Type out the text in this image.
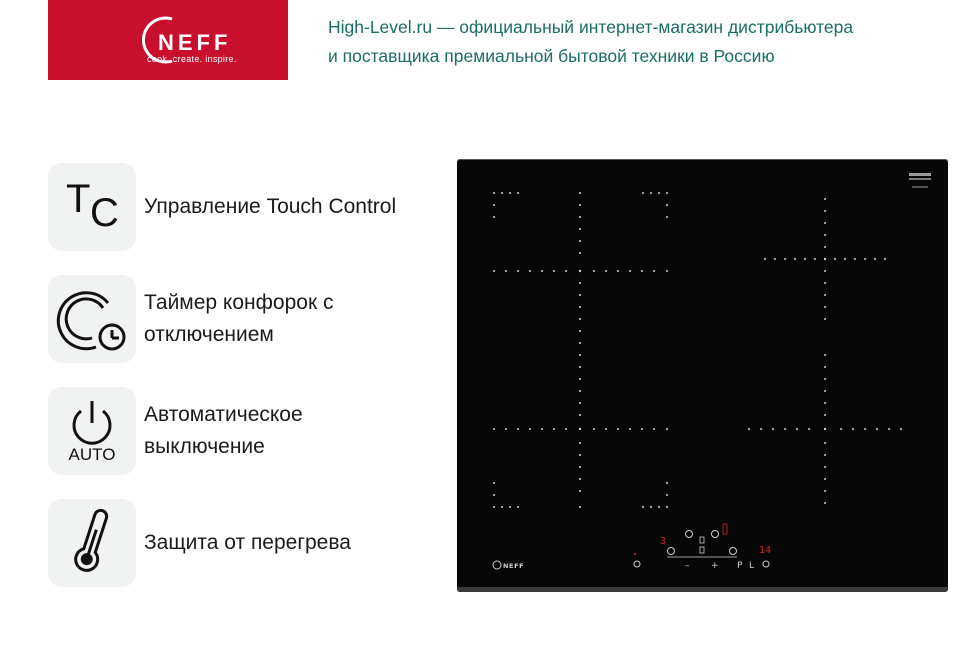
NEFF
cook. create. inspire.
High-Level.ru — официальный интернет-магазин дистрибьютера
и поставщика премиальной бытовой техники в Россию
T C Управление Touch Control
Таймер конфорок с отключением
AUTO
Автоматическое выключение
Защита от перегрева	3
14
– + P L
NEFF
